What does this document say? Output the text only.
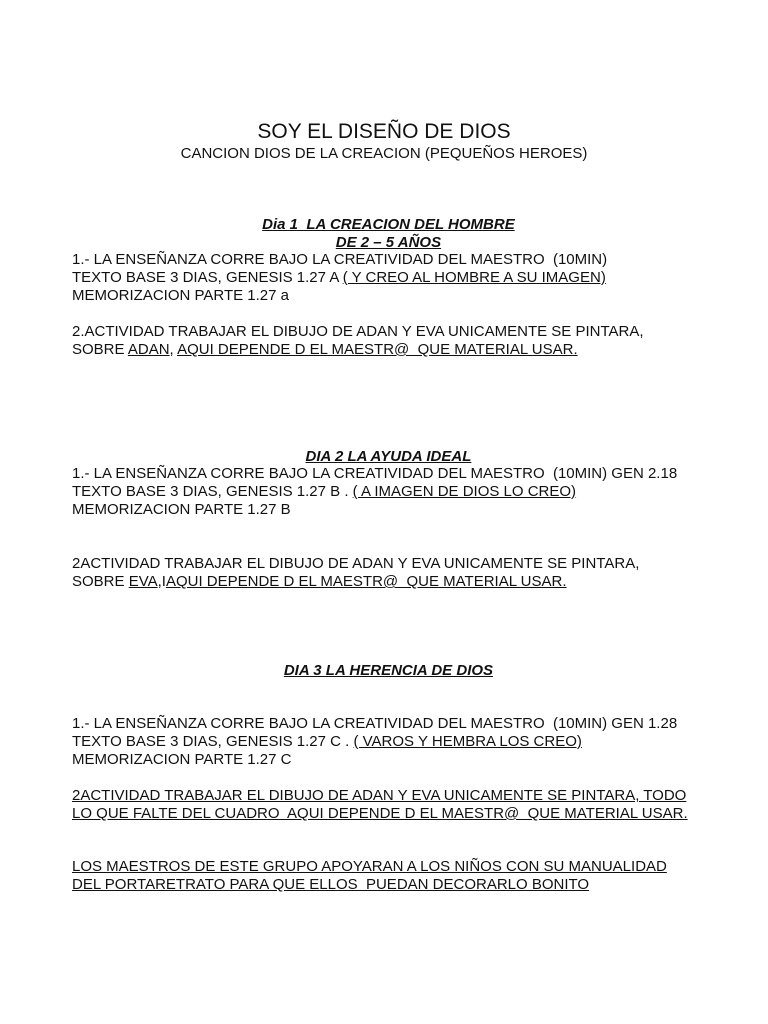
SOY EL DISEÑO DE DIOS
CANCION DIOS DE LA CREACION (PEQUEÑOS HEROES)

Dia 1  LA CREACION DEL HOMBRE

DE 2 – 5 AÑOS

1.- LA ENSEÑANZA CORRE BAJO LA CREATIVIDAD DEL MAESTRO  (10MIN)
TEXTO BASE 3 DIAS, GENESIS 1.27 A ( Y CREO AL HOMBRE A SU IMAGEN)
MEMORIZACION PARTE 1.27 a
2.ACTIVIDAD TRABAJAR EL DIBUJO DE ADAN Y EVA UNICAMENTE SE PINTARA,
SOBRE ADAN, AQUI DEPENDE D EL MAESTR@  QUE MATERIAL USAR.

DIA 2 LA AYUDA IDEAL

1.- LA ENSEÑANZA CORRE BAJO LA CREATIVIDAD DEL MAESTRO  (10MIN) GEN 2.18
TEXTO BASE 3 DIAS, GENESIS 1.27 B . ( A IMAGEN DE DIOS LO CREO)
MEMORIZACION PARTE 1.27 B
2ACTIVIDAD TRABAJAR EL DIBUJO DE ADAN Y EVA UNICAMENTE SE PINTARA,
SOBRE EVA,IAQUI DEPENDE D EL MAESTR@  QUE MATERIAL USAR.

DIA 3 LA HERENCIA DE DIOS

1.- LA ENSEÑANZA CORRE BAJO LA CREATIVIDAD DEL MAESTRO  (10MIN) GEN 1.28
TEXTO BASE 3 DIAS, GENESIS 1.27 C . ( VAROS Y HEMBRA LOS CREO)
MEMORIZACION PARTE 1.27 C
2ACTIVIDAD TRABAJAR EL DIBUJO DE ADAN Y EVA UNICAMENTE SE PINTARA, TODO
LO QUE FALTE DEL CUADRO  AQUI DEPENDE D EL MAESTR@  QUE MATERIAL USAR.
LOS MAESTROS DE ESTE GRUPO APOYARAN A LOS NIÑOS CON SU MANUALIDAD
DEL PORTARETRATO PARA QUE ELLOS  PUEDAN DECORARLO BONITO
